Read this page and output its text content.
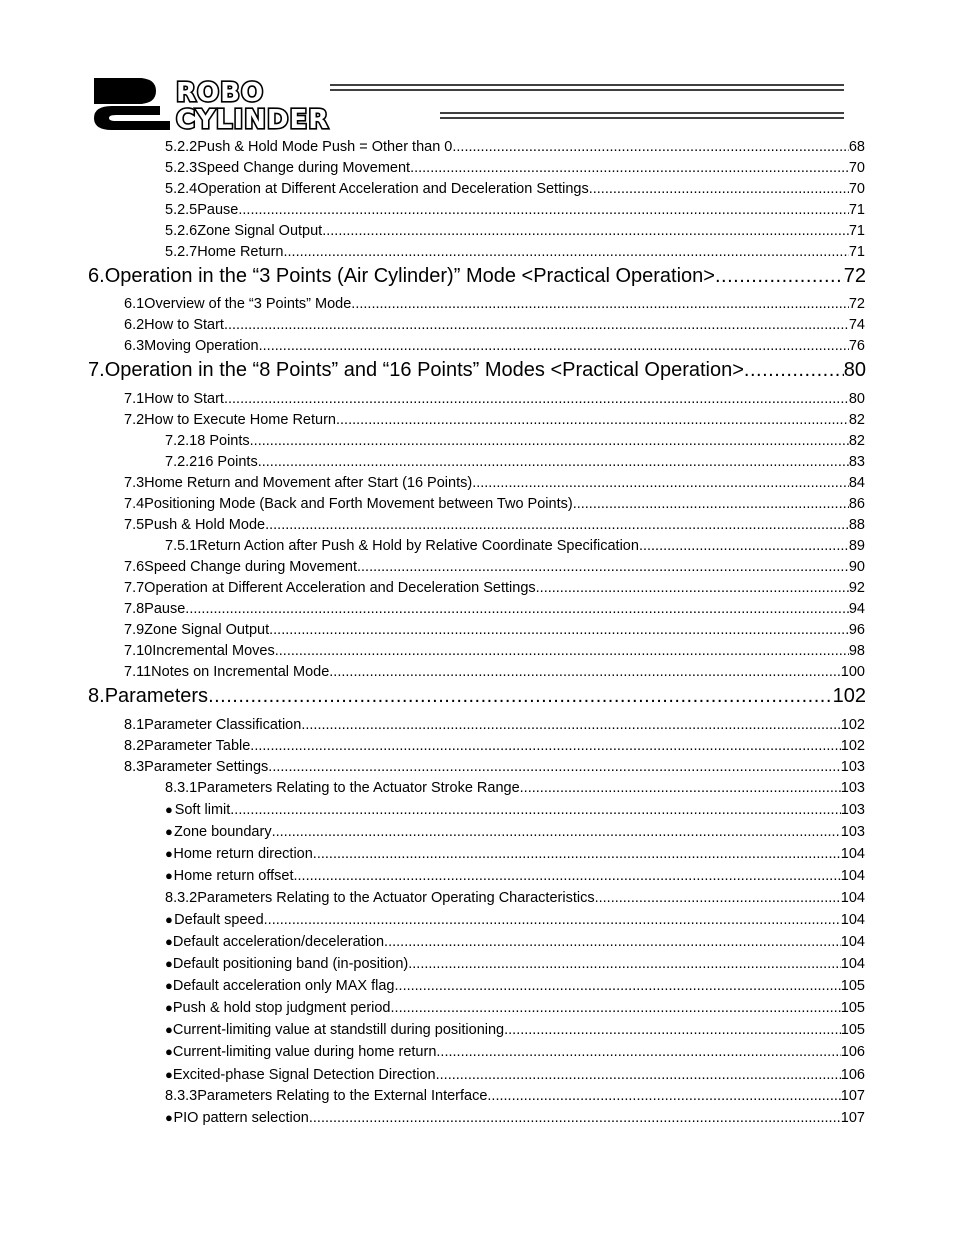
ROBO
CYLINDER
5.2.2 Push & Hold Mode Push = Other than 0 .....	68
5.2.3 Speed Change during Movement .....	70
5.2.4 Operation at Different Acceleration and Deceleration Settings .....	70
5.2.5 Pause .....	71
5.2.6 Zone Signal Output .....	71
5.2.7 Home Return .....	71
6. Operation in the “3 Points (Air Cylinder)” Mode <Practical Operation> .....	72
6.1 Overview of the “3 Points” Mode .....	72
6.2 How to Start .....	74
6.3 Moving Operation .....	76
7. Operation in the “8 Points” and “16 Points” Modes <Practical Operation> .....	80
7.1 How to Start .....	80
7.2 How to Execute Home Return .....	82
7.2.1 8 Points .....	82
7.2.2 16 Points .....	83
7.3 Home Return and Movement after Start (16 Points) .....	84
7.4 Positioning Mode (Back and Forth Movement between Two Points) .....	86
7.5 Push & Hold Mode .....	88
7.5.1 Return Action after Push & Hold by Relative Coordinate Specification .....	89
7.6 Speed Change during Movement .....	90
7.7 Operation at Different Acceleration and Deceleration Settings .....	92
7.8 Pause .....	94
7.9 Zone Signal Output .....	96
7.10 Incremental Moves .....	98
7.11 Notes on Incremental Mode .....	100
8. Parameters .....	102
8.1 Parameter Classification .....	102
8.2 Parameter Table .....	102
8.3 Parameter Settings .....	103
8.3.1 Parameters Relating to the Actuator Stroke Range .....	103
● Soft limit .....	103
● Zone boundary .....	103
● Home return direction .....	104
● Home return offset .....	104
8.3.2 Parameters Relating to the Actuator Operating Characteristics .....	104
● Default speed .....	104
● Default acceleration/deceleration .....	104
● Default positioning band (in-position) .....	104
● Default acceleration only MAX flag .....	105
● Push & hold stop judgment period .....	105
● Current-limiting value at standstill during positioning .....	105
● Current-limiting value during home return .....	106
● Excited-phase Signal Detection Direction .....	106
8.3.3 Parameters Relating to the External Interface .....	107
● PIO pattern selection .....	107
